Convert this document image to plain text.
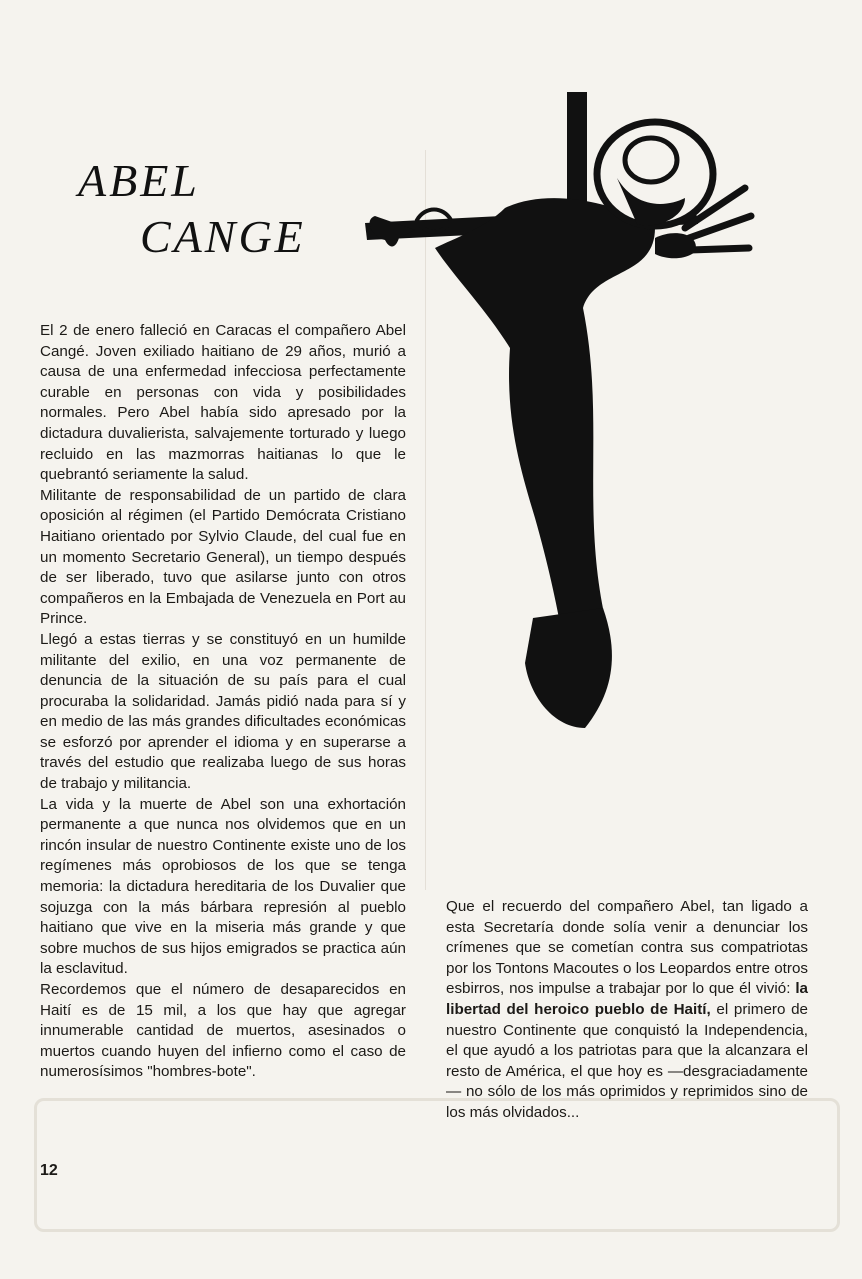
ABEL
CANGE

El 2 de enero falleció en Caracas el compañero Abel Cangé. Joven exiliado haitiano de 29 años, murió a causa de una enfermedad infecciosa perfectamente curable en personas con vida y posibilidades normales. Pero Abel había sido apresado por la dictadura duvalierista, salvajemente torturado y luego recluido en las mazmorras haitianas lo que le quebrantó seriamente la salud.

Militante de responsabilidad de un partido de clara oposición al régimen (el Partido Demócrata Cristiano Haitiano orientado por Sylvio Claude, del cual fue en un momento Secretario General), un tiempo después de ser liberado, tuvo que asilarse junto con otros compañeros en la Embajada de Venezuela en Port au Prince.

Llegó a estas tierras y se constituyó en un humilde militante del exilio, en una voz permanente de denuncia de la situación de su país para el cual procuraba la solidaridad. Jamás pidió nada para sí y en medio de las más grandes dificultades económicas se esforzó por aprender el idioma y en superarse a través del estudio que realizaba luego de sus horas de trabajo y militancia.

La vida y la muerte de Abel son una exhortación permanente a que nunca nos olvidemos que en un rincón insular de nuestro Continente existe uno de los regímenes más oprobiosos de los que se tenga memoria: la dictadura hereditaria de los Duvalier que sojuzga con la más bárbara represión al pueblo haitiano que vive en la miseria más grande y que sobre muchos de sus hijos emigrados se practica aún la esclavitud.

Recordemos que el número de desaparecidos en Haití es de 15 mil, a los que hay que agregar innumerable cantidad de muertos, asesinados o muertos cuando huyen del infierno como el caso de numerosísimos "hombres-bote".

Que el recuerdo del compañero Abel, tan ligado a esta Secretaría donde solía venir a denunciar los crímenes que se cometían contra sus compatriotas por los Tontons Macoutes o los Leopardos entre otros esbirros, nos impulse a trabajar por lo que él vivió: la libertad del heroico pueblo de Haití, el primero de nuestro Continente que conquistó la Independencia, el que ayudó a los patriotas para que la alcanzara el resto de América, el que hoy es —desgraciadamente— no sólo de los más oprimidos y reprimidos sino de los más olvidados...

12
